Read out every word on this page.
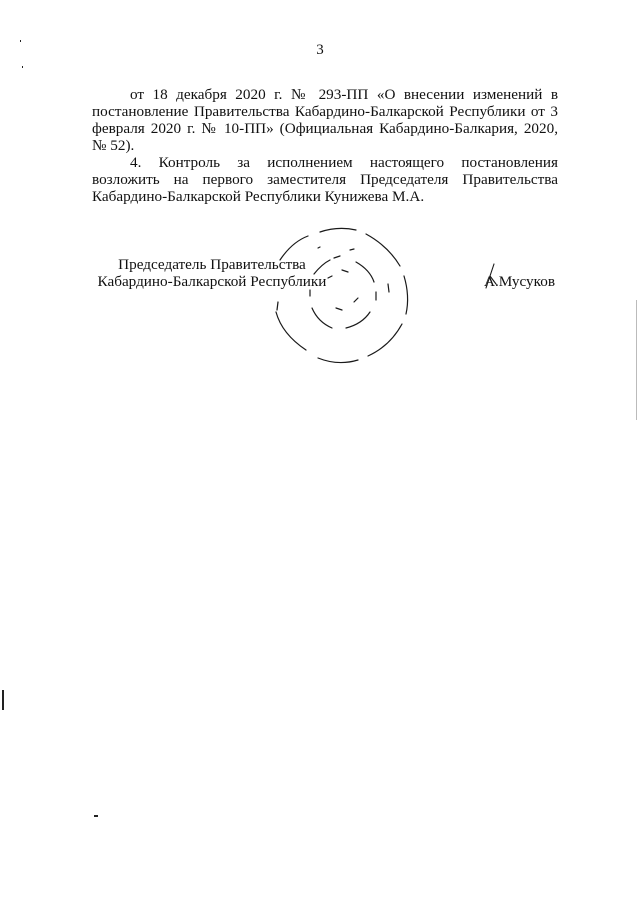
3

от 18 декабря 2020 г. № 293-ПП «О внесении изменений в постановление Правительства Кабардино-Балкарской Республики от 3 февраля 2020 г. № 10-ПП» (Официальная Кабардино-Балкария, 2020, № 52).

4. Контроль за исполнением настоящего постановления возложить на первого заместителя Председателя Правительства Кабардино-Балкарской Республики Кунижева М.А.

Председатель Правительства
Кабардино-Балкарской Республики	А.Мусуков
